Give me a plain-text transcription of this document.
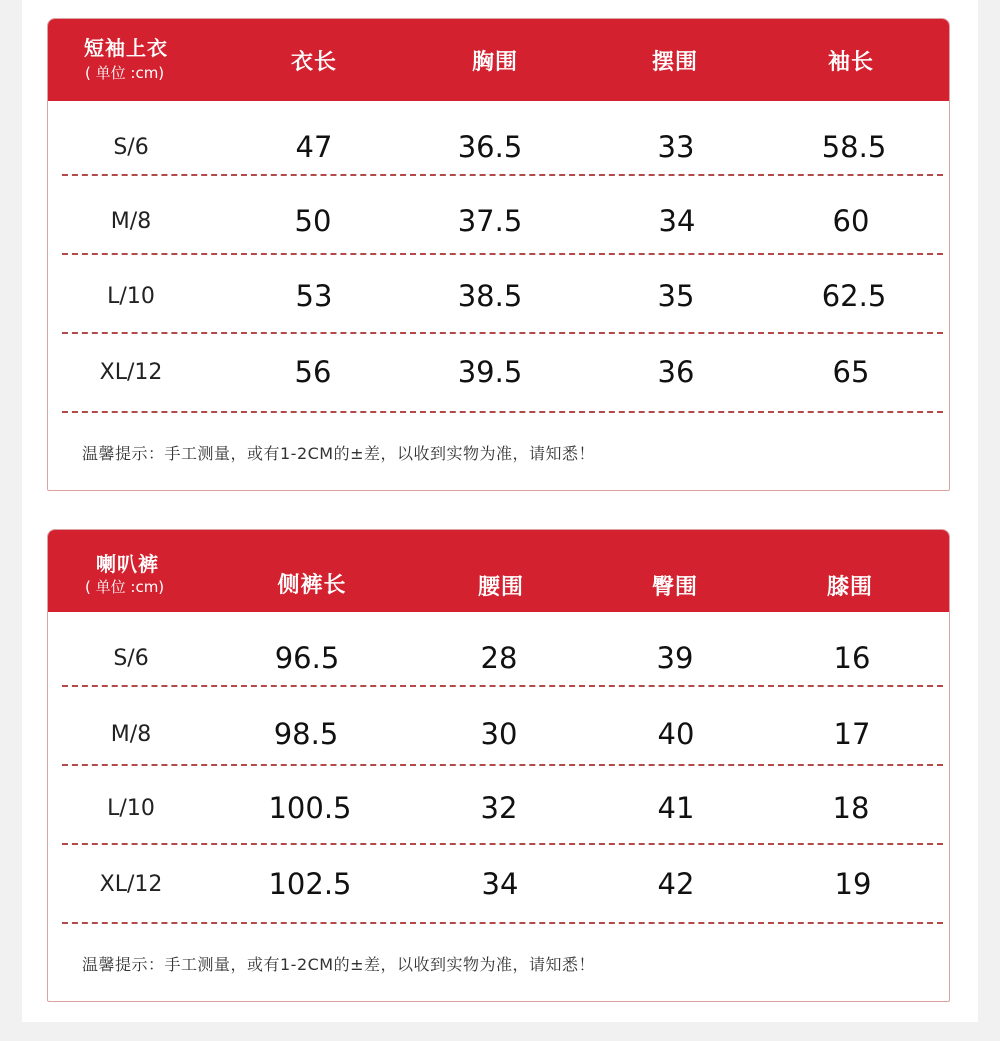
短袖上衣
( 单位 :cm)	衣长	胸围	摆围	袖长
S/6	47	36.5	33	58.5
M/8	50	37.5	34	60
L/10	53	38.5	35	62.5
XL/12	56	39.5	36	65
温馨提示：手工测量，或有1-2CM的±差，以收到实物为准，请知悉！
喇叭裤
( 单位 :cm)	侧裤长	腰围	臀围	膝围
S/6	96.5	28	39	16
M/8	98.5	30	40	17
L/10	100.5	32	41	18
XL/12	102.5	34	42	19
温馨提示：手工测量，或有1-2CM的±差，以收到实物为准，请知悉！
